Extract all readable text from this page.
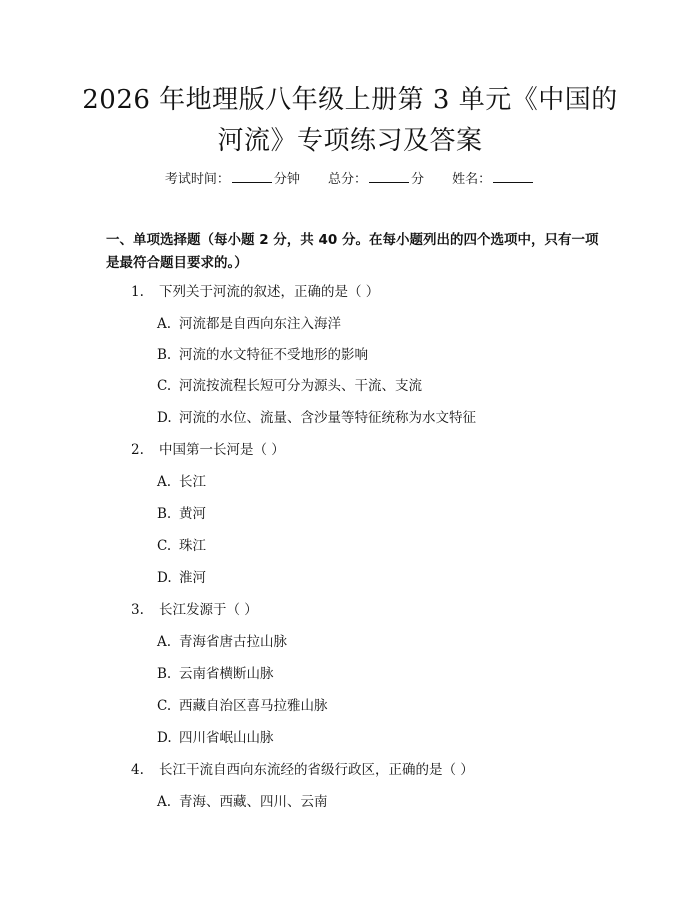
2026 年地理版八年级上册第 3 单元《中国的
河流》专项练习及答案
考试时间：	分钟 总分：	分 姓名：
一、单项选择题（每小题 2 分，共 40 分。在每小题列出的四个选项中，只有一项是最符合题目要求的。）
1. 下列关于河流的叙述，正确的是（ ）
A. 河流都是自西向东注入海洋
B. 河流的水文特征不受地形的影响
C. 河流按流程长短可分为源头、干流、支流
D. 河流的水位、流量、含沙量等特征统称为水文特征
2. 中国第一长河是（ ）
A. 长江
B. 黄河
C. 珠江
D. 淮河
3. 长江发源于（ ）
A. 青海省唐古拉山脉
B. 云南省横断山脉
C. 西藏自治区喜马拉雅山脉
D. 四川省岷山山脉
4. 长江干流自西向东流经的省级行政区，正确的是（ ）
A. 青海、西藏、四川、云南
